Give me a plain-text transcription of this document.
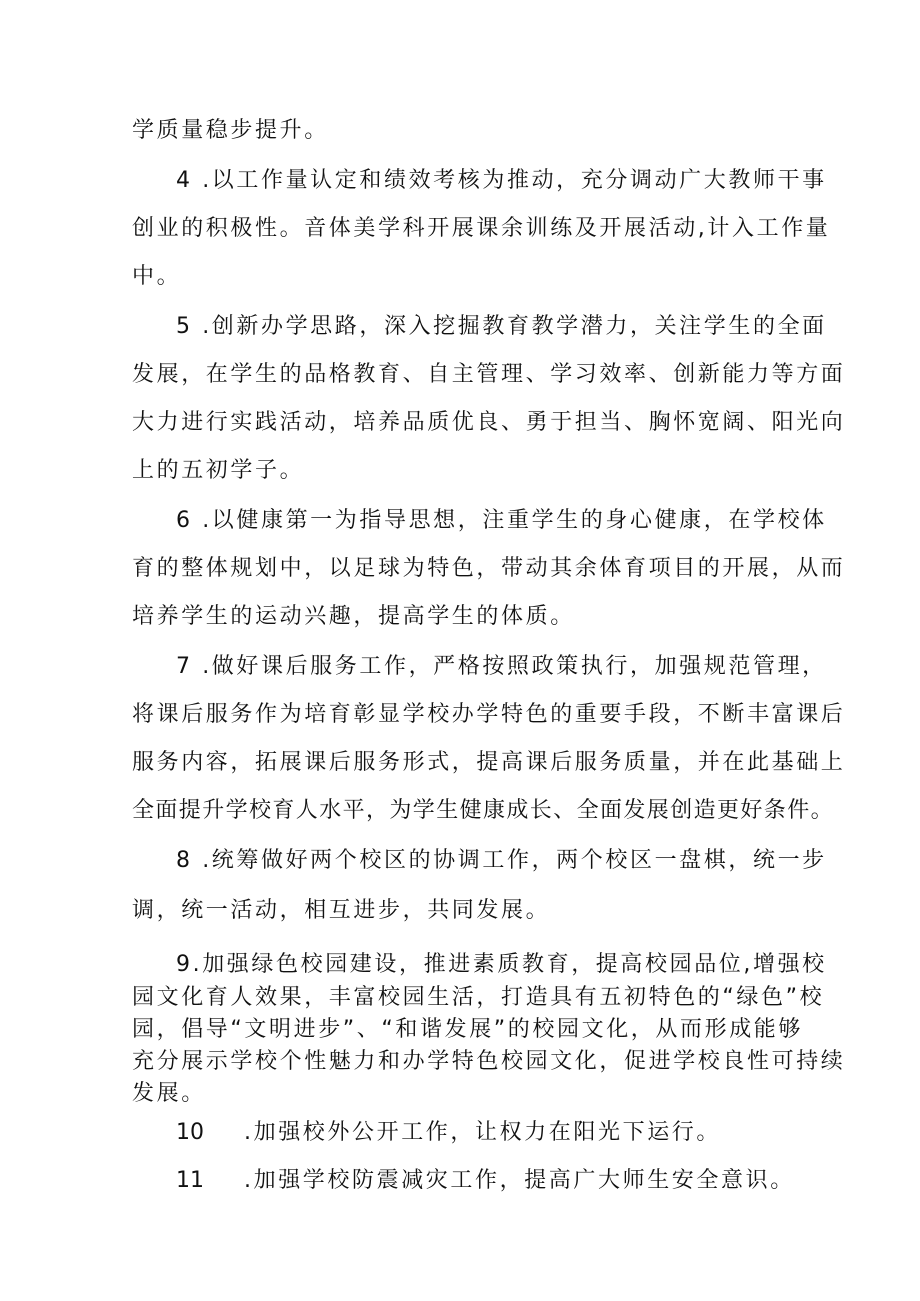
学质量稳步提升。
4 .以工作量认定和绩效考核为推动，充分调动广大教师干事
创业的积极性。音体美学科开展课余训练及开展活动,计入工作量
中。
5 .创新办学思路，深入挖掘教育教学潜力，关注学生的全面
发展，在学生的品格教育、自主管理、学习效率、创新能力等方面
大力进行实践活动，培养品质优良、勇于担当、胸怀宽阔、阳光向
上的五初学子。
6 .以健康第一为指导思想，注重学生的身心健康，在学校体
育的整体规划中，以足球为特色，带动其余体育项目的开展，从而
培养学生的运动兴趣，提高学生的体质。
7 .做好课后服务工作，严格按照政策执行，加强规范管理，
将课后服务作为培育彰显学校办学特色的重要手段，不断丰富课后
服务内容，拓展课后服务形式，提高课后服务质量，并在此基础上
全面提升学校育人水平，为学生健康成长、全面发展创造更好条件。
8 .统筹做好两个校区的协调工作，两个校区一盘棋，统一步
调，统一活动，相互进步，共同发展。
9.加强绿色校园建设，推进素质教育，提高校园品位,增强校
园文化育人效果，丰富校园生活，打造具有五初特色的“绿色”校
园，倡导“文明进步”、“和谐发展”的校园文化，从而形成能够
充分展示学校个性魅力和办学特色校园文化，促进学校良性可持续
发展。
10 .加强校外公开工作，让权力在阳光下运行。
11 .加强学校防震减灾工作，提高广大师生安全意识。
